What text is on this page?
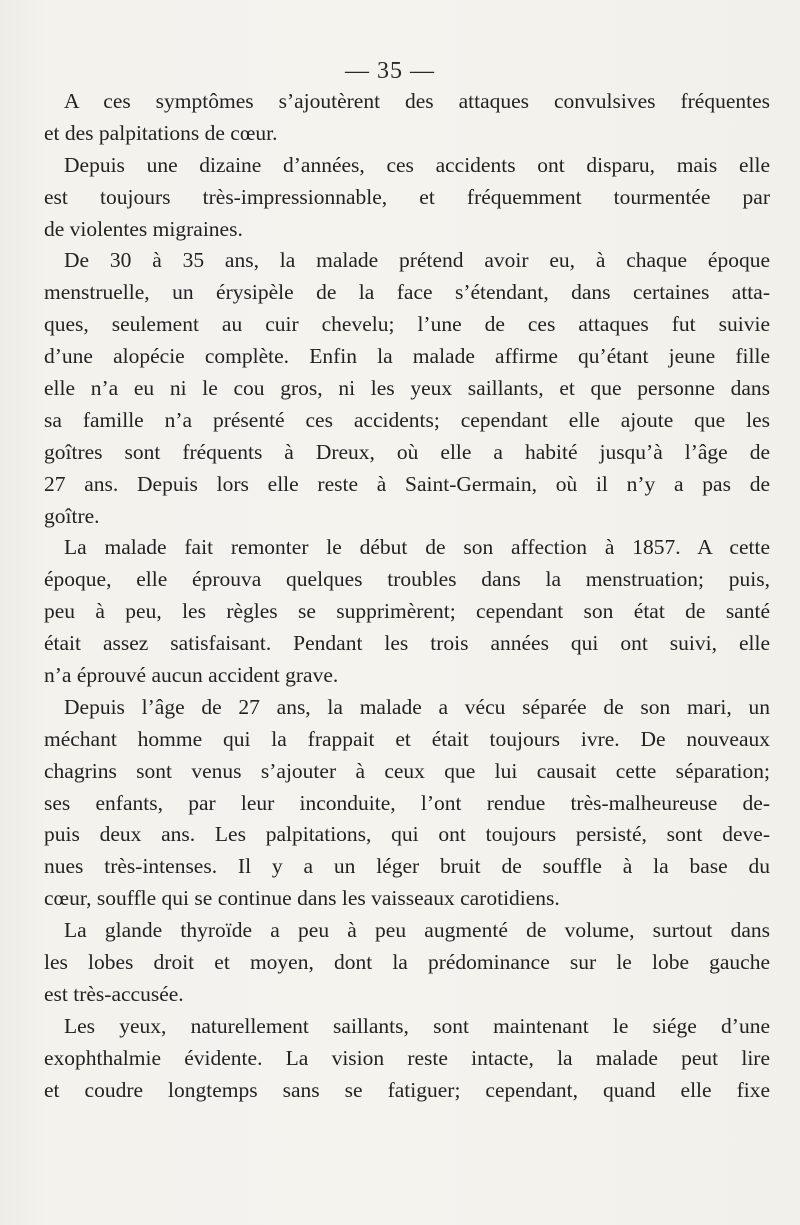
— 35 —
A ces symptômes s’ajoutèrent des attaques convulsives fréquentes
et des palpitations de cœur.
Depuis une dizaine d’années, ces accidents ont disparu, mais elle
est toujours très-impressionnable, et fréquemment tourmentée par
de violentes migraines.
De 30 à 35 ans, la malade prétend avoir eu, à chaque époque
menstruelle, un érysipèle de la face s’étendant, dans certaines atta-
ques, seulement au cuir chevelu; l’une de ces attaques fut suivie
d’une alopécie complète. Enfin la malade affirme qu’étant jeune fille
elle n’a eu ni le cou gros, ni les yeux saillants, et que personne dans
sa famille n’a présenté ces accidents; cependant elle ajoute que les
goîtres sont fréquents à Dreux, où elle a habité jusqu’à l’âge de
27 ans. Depuis lors elle reste à Saint-Germain, où il n’y a pas de
goître.
La malade fait remonter le début de son affection à 1857. A cette
époque, elle éprouva quelques troubles dans la menstruation; puis,
peu à peu, les règles se supprimèrent; cependant son état de santé
était assez satisfaisant. Pendant les trois années qui ont suivi, elle
n’a éprouvé aucun accident grave.
Depuis l’âge de 27 ans, la malade a vécu séparée de son mari, un
méchant homme qui la frappait et était toujours ivre. De nouveaux
chagrins sont venus s’ajouter à ceux que lui causait cette séparation;
ses enfants, par leur inconduite, l’ont rendue très-malheureuse de-
puis deux ans. Les palpitations, qui ont toujours persisté, sont deve-
nues très-intenses. Il y a un léger bruit de souffle à la base du
cœur, souffle qui se continue dans les vaisseaux carotidiens.
La glande thyroïde a peu à peu augmenté de volume, surtout dans
les lobes droit et moyen, dont la prédominance sur le lobe gauche
est très-accusée.
Les yeux, naturellement saillants, sont maintenant le siége d’une
exophthalmie évidente. La vision reste intacte, la malade peut lire
et coudre longtemps sans se fatiguer; cependant, quand elle fixe
